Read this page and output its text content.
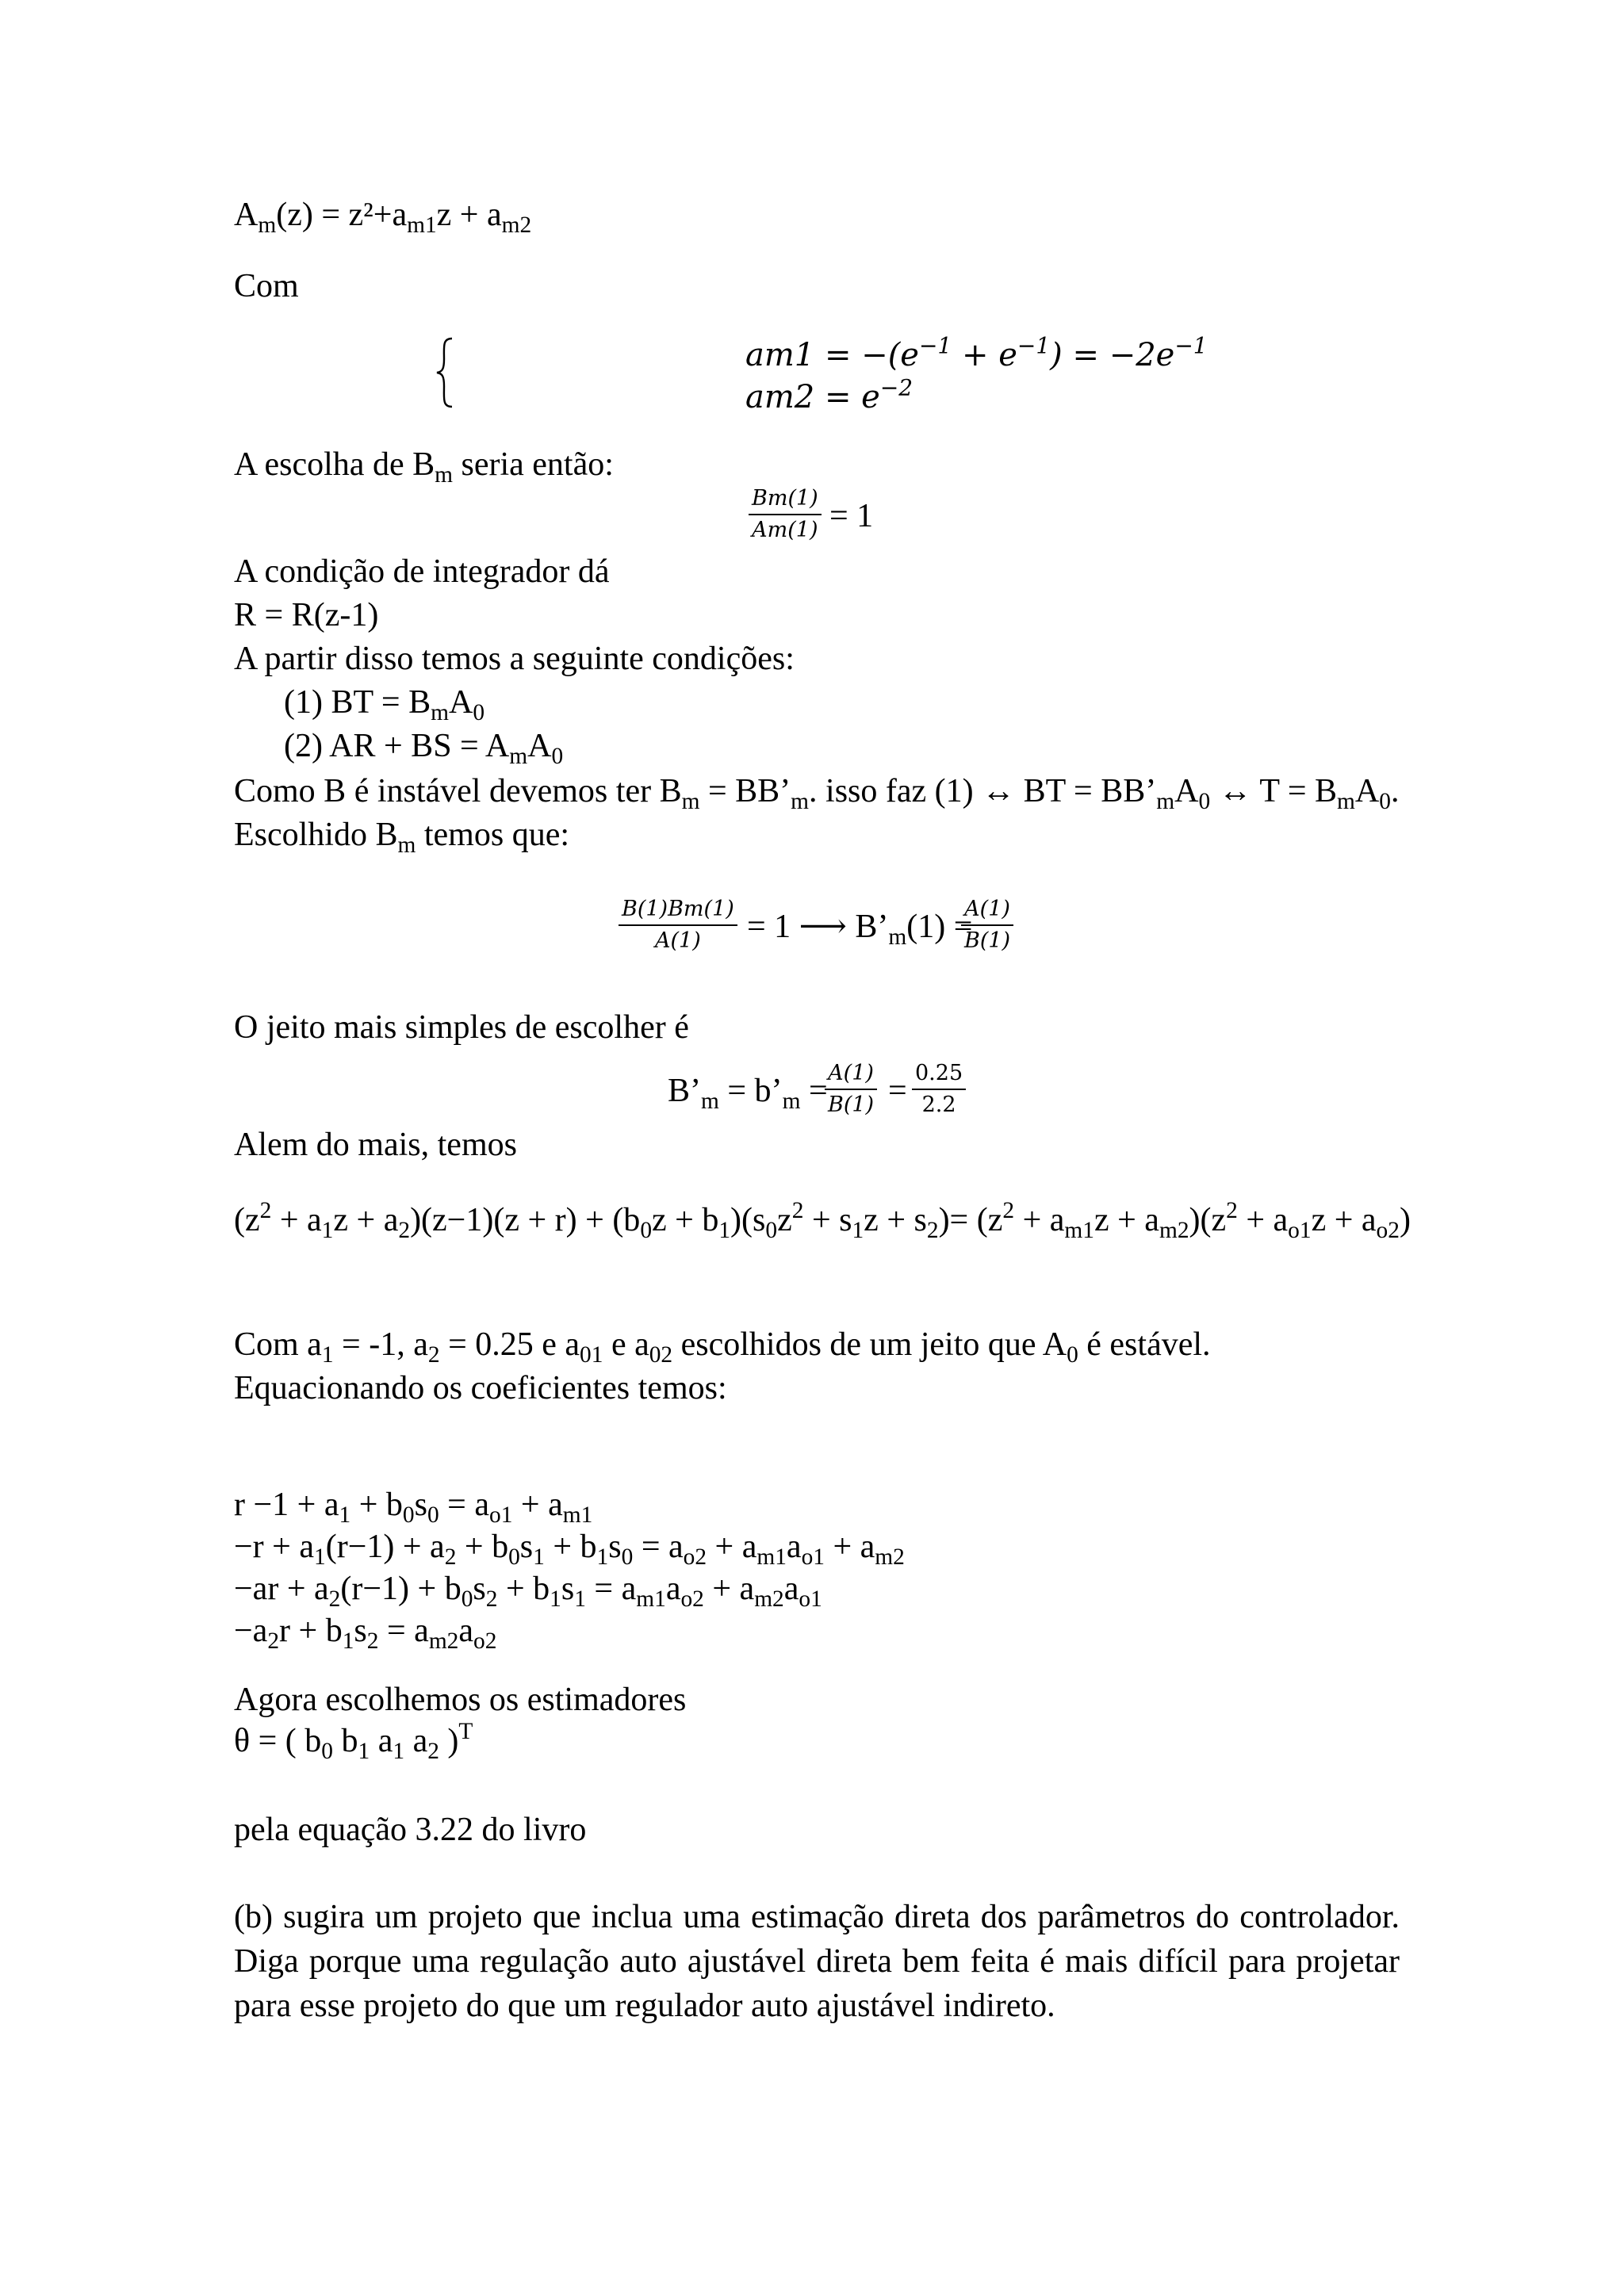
$A_m(z) = z^2+a_{m1}z + a_{m2}$
Com
$am1 = -(e^{-1} + e^{-1}) = -2e^{-1}$
$am2 = e^{-2}$
A escolha de $B_m$ seria então:
$\frac{Bm(1)}{Am(1)} = 1$
A condição de integrador dá
R = R(z-1)
A partir disso temos a seguinte condições:
(1) BT = $B_mA_0$
(2) AR + BS = $A_mA_0$
Como B é instável devemos ter $B_m$ = $BB’_m$. isso faz (1) ↔ BT = $BB’_mA_0$ ↔ $T = B_mA_0$.
Escolhido $B_m$ temos que:
$\frac{B(1)Bm(1)}{A(1)} = 1$ ⟶ $B’_m(1)$ =
$\frac{A(1)}{B(1)}$
O jeito mais simples de escolher é
$B’_m$ = $b’_m$ =
$\frac{A(1)}{B(1)} = \frac{0.25}{2.2}$
Alem do mais, temos
$(z^2 + a_1z + a_2)(z-1)(z + r) + (b_0z + b_1)(s_0z^2 + s_1z + s_2)= (z^2 + a_{m1}z + a_{m2})(z^2 + a_{o1}z + a_{o2})$
Com $a_1 = -1$, $a_2 = 0.25$ e $a_{01}$ e $a_{02}$ escolhidos de um jeito que $A_0$ é estável.
Equacionando os coeficientes temos:
$r -1 + a_1 + b_0s_0 = a_{o1} + a_{m1}$
$-r + a_1(r-1) + a_2 + b_0s_1 + b_1s_0 = a_{o2} + a_{m1}a_{o1} + a_{m2}$
$-ar + a_2(r-1) + b_0s_2 + b_1s_1 = a_{m1}a_{o2} + a_{m2}a_{o1}$
$-a_2r + b_1s_2 = a_{m2}a_{o2}$
Agora escolhemos os estimadores
θ = ( $b_0$ $b_1$ $a_1$ $a_2$ )$^T$
pela equação 3.22 do livro
(b) sugira um projeto que inclua uma estimação direta dos parâmetros do controlador. Diga porque uma regulação auto ajustável direta bem feita é mais difícil para projetar para esse projeto do que um regulador auto ajustável indireto.
